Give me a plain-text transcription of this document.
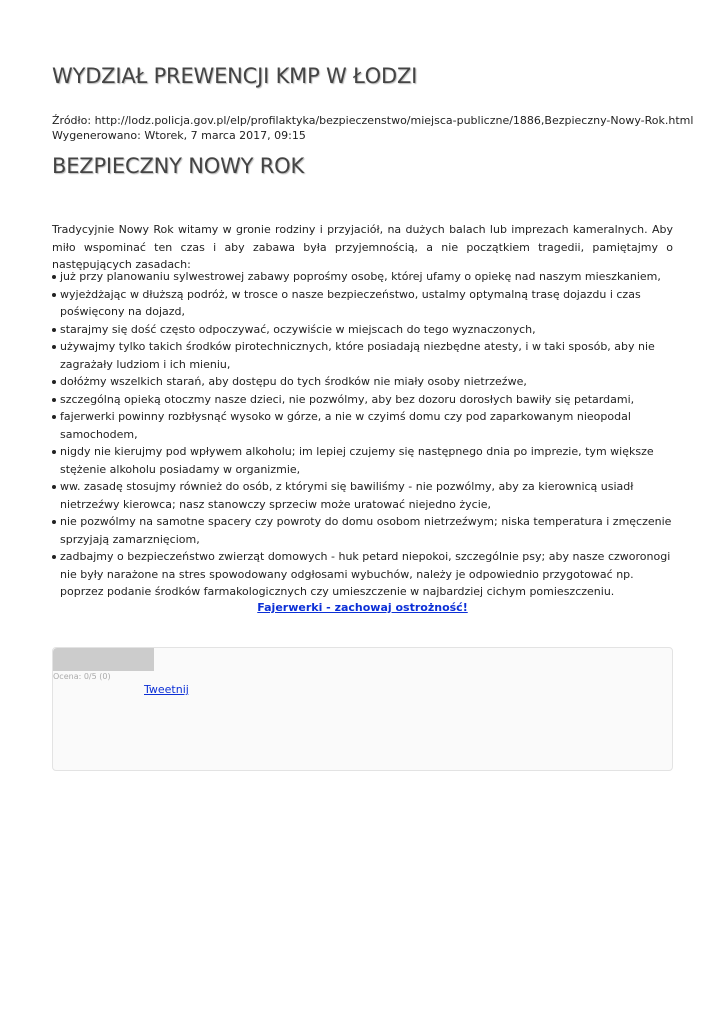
WYDZIAŁ PREWENCJI KMP W ŁODZI
Źródło: http://lodz.policja.gov.pl/elp/profilaktyka/bezpieczenstwo/miejsca-publiczne/1886,Bezpieczny-Nowy-Rok.html
Wygenerowano: Wtorek, 7 marca 2017, 09:15
BEZPIECZNY NOWY ROK

Tradycyjnie Nowy Rok witamy w gronie rodziny i przyjaciół, na dużych balach lub imprezach kameralnych. Aby miło wspominać ten czas i aby zabawa była przyjemnością, a nie początkiem tragedii, pamiętajmy o następujących zasadach:

już przy planowaniu sylwestrowej zabawy poprośmy osobę, której ufamy o opiekę nad naszym mieszkaniem,
wyjeżdżając w dłuższą podróż, w trosce o nasze bezpieczeństwo, ustalmy optymalną trasę dojazdu i czas poświęcony na dojazd,
starajmy się dość często odpoczywać, oczywiście w miejscach do tego wyznaczonych,
używajmy tylko takich środków pirotechnicznych, które posiadają niezbędne atesty, i w taki sposób, aby nie zagrażały ludziom i ich mieniu,
dołóżmy wszelkich starań, aby dostępu do tych środków nie miały osoby nietrzeźwe,
szczególną opieką otoczmy nasze dzieci, nie pozwólmy, aby bez dozoru dorosłych bawiły się petardami,
fajerwerki powinny rozbłysnąć wysoko w górze, a nie w czyimś domu czy pod zaparkowanym nieopodal samochodem,
nigdy nie kierujmy pod wpływem alkoholu; im lepiej czujemy się następnego dnia po imprezie, tym większe stężenie alkoholu posiadamy w organizmie,
ww. zasadę stosujmy również do osób, z którymi się bawiliśmy - nie pozwólmy, aby za kierownicą usiadł nietrzeźwy kierowca; nasz stanowczy sprzeciw może uratować niejedno życie,
nie pozwólmy na samotne spacery czy powroty do domu osobom nietrzeźwym; niska temperatura i zmęczenie sprzyjają zamarznięciom,
zadbajmy o bezpieczeństwo zwierząt domowych - huk petard niepokoi, szczególnie psy; aby nasze czworonogi nie były narażone na stres spowodowany odgłosami wybuchów, należy je odpowiednio przygotować np. poprzez podanie środków farmakologicznych czy umieszczenie w najbardziej cichym pomieszczeniu.
Fajerwerki - zachowaj ostrożność!
Ocena: 0/5 (0)
Tweetnij
